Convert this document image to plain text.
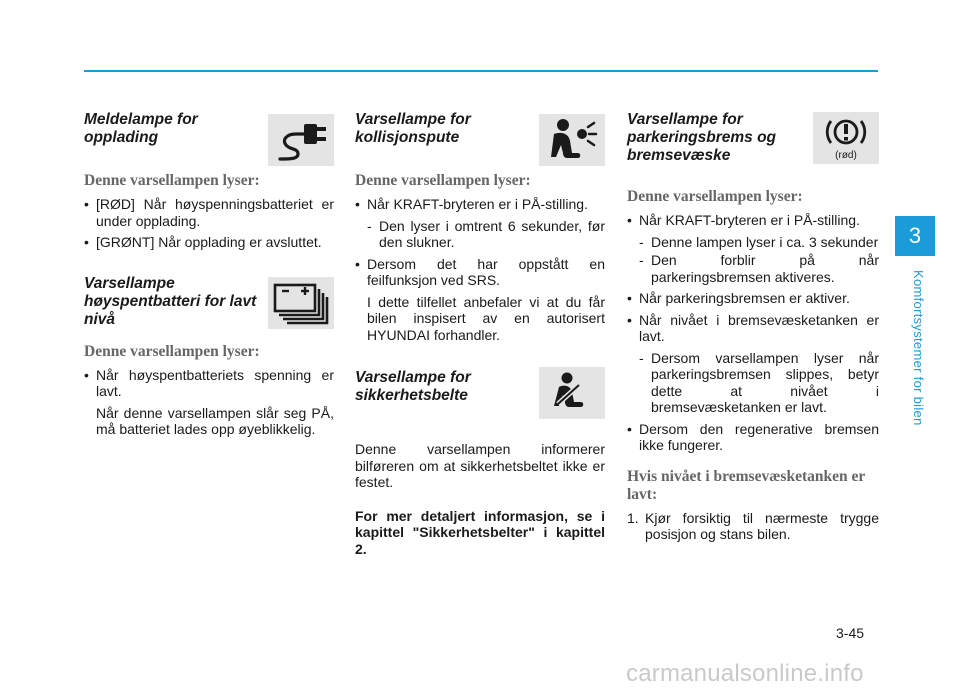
Meldelampe for opplading

Denne varsellampen lyser:

• [RØD] Når høyspenningsbatteriet er under opplading.
• [GRØNT] Når opplading er avsluttet.

Varsellampe høyspentbatteri for lavt nivå

Denne varsellampen lyser:

• Når høyspentbatteriets spenning er lavt.
Når denne varsellampen slår seg PÅ, må batteriet lades opp øyeblikkelig.

Varsellampe for kollisjonspute

Denne varsellampen lyser:

• Når KRAFT-bryteren er i PÅ-stilling.
- Den lyser i omtrent 6 sekunder, før den slukner.
• Dersom det har oppstått en feilfunksjon ved SRS.
I dette tilfellet anbefaler vi at du får bilen inspisert av en autorisert HYUNDAI forhandler.

Varsellampe for sikkerhetsbelte

Denne varsellampen informerer bilføreren om at sikkerhetsbeltet ikke er festet.
For mer detaljert informasjon, se i kapittel "Sikkerhetsbelter" i kapittel 2.

Varsellampe for parkeringsbrems og bremsevæske	(rød)

Denne varsellampen lyser:

• Når KRAFT-bryteren er i PÅ-stilling.
- Denne lampen lyser i ca. 3 sekunder
- Den forblir på når parkeringsbremsen aktiveres.
• Når parkeringsbremsen er aktiver.
• Når nivået i bremsevæsketanken er lavt.
- Dersom varsellampen lyser når parkeringsbremsen slippes, betyr dette at nivået i bremsevæsketanken er lavt.
• Dersom den regenerative bremsen ikke fungerer.

Hvis nivået i bremsevæsketanken er lavt:

1. Kjør forsiktig til nærmeste trygge posisjon og stans bilen.
3
Komfortsystemer for bilen
3-45
carmanualsonline.info
